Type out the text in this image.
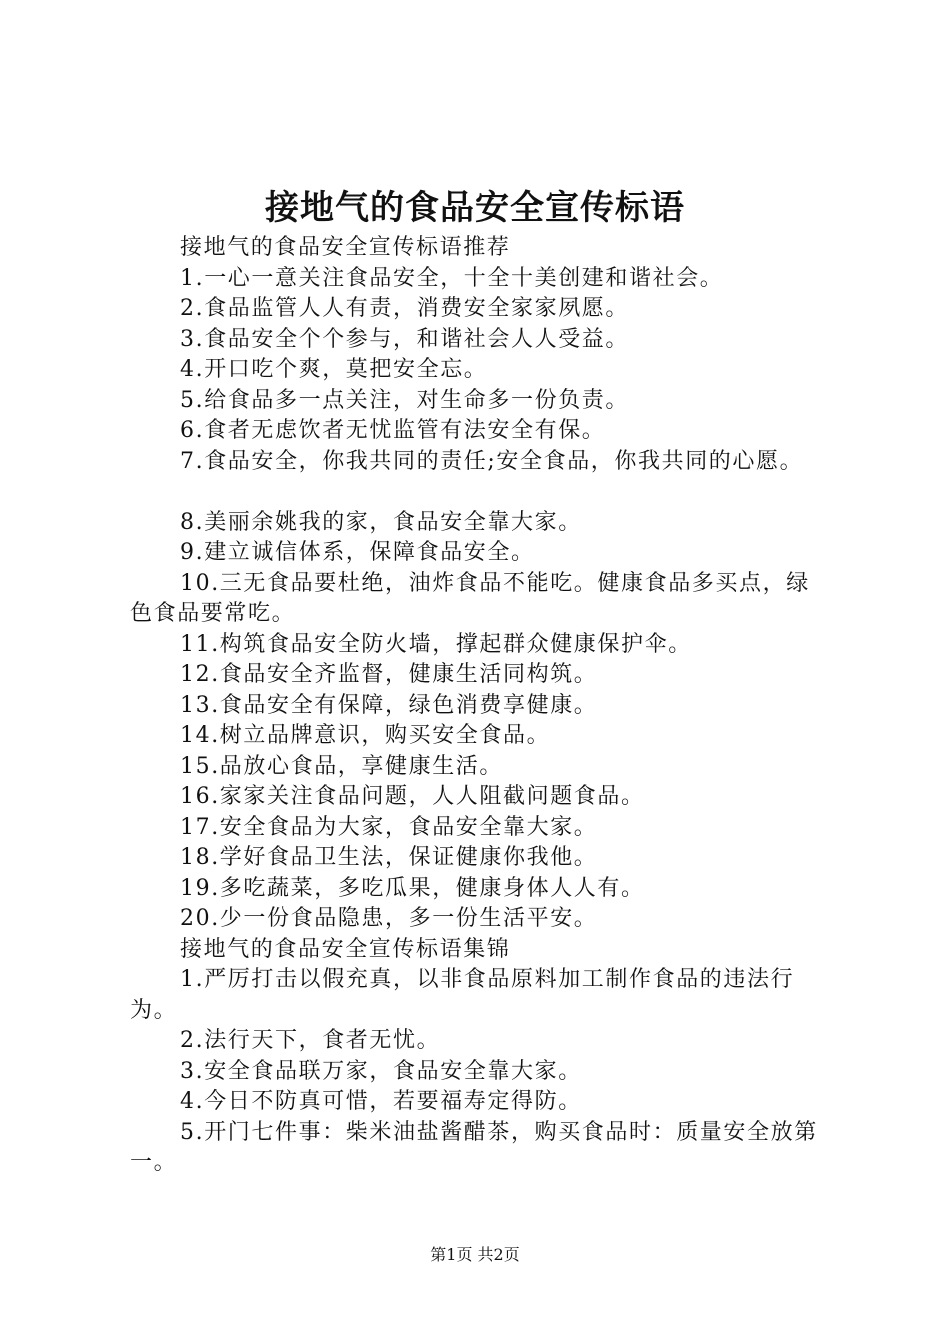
接地气的食品安全宣传标语

接地气的食品安全宣传标语推荐

1.一心一意关注食品安全，十全十美创建和谐社会。

2.食品监管人人有责，消费安全家家夙愿。

3.食品安全个个参与，和谐社会人人受益。

4.开口吃个爽，莫把安全忘。

5.给食品多一点关注，对生命多一份负责。

6.食者无虑饮者无忧监管有法安全有保。

7.食品安全，你我共同的责任;安全食品，你我共同的心愿。

8.美丽余姚我的家，食品安全靠大家。

9.建立诚信体系，保障食品安全。

10.三无食品要杜绝，油炸食品不能吃。健康食品多买点，绿色食品要常吃。

11.构筑食品安全防火墙，撑起群众健康保护伞。

12.食品安全齐监督，健康生活同构筑。

13.食品安全有保障，绿色消费享健康。

14.树立品牌意识，购买安全食品。

15.品放心食品，享健康生活。

16.家家关注食品问题，人人阻截问题食品。

17.安全食品为大家，食品安全靠大家。

18.学好食品卫生法，保证健康你我他。

19.多吃蔬菜，多吃瓜果，健康身体人人有。

20.少一份食品隐患，多一份生活平安。

接地气的食品安全宣传标语集锦

1.严厉打击以假充真，以非食品原料加工制作食品的违法行为。

2.法行天下，食者无忧。

3.安全食品联万家，食品安全靠大家。

4.今日不防真可惜，若要福寿定得防。

5.开门七件事：柴米油盐酱醋茶，购买食品时：质量安全放第一。

第1页 共2页
